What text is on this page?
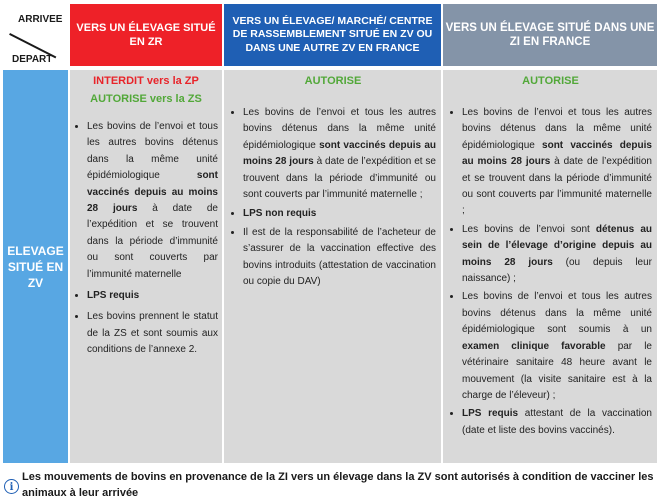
ARRIVEE
DEPART
VERS UN ÉLEVAGE SITUÉ EN ZR
VERS UN ÉLEVAGE/ MARCHÉ/ CENTRE DE RASSEMBLEMENT SITUÉ EN ZV OU DANS UNE AUTRE ZV EN FRANCE
VERS UN ÉLEVAGE SITUÉ DANS UNE ZI EN FRANCE
ELEVAGE SITUÉ EN ZV
INTERDIT vers la ZP
AUTORISE vers la ZS
• Les bovins de l’envoi et tous les autres bovins détenus dans la même unité épidémiologique sont vaccinés depuis au moins 28 jours à date de l’expédition et se trouvent dans la période d’immunité ou sont couverts par l’immunité maternelle
• LPS requis
• Les bovins prennent le statut de la ZS et sont soumis aux conditions de l’annexe 2.
AUTORISE
• Les bovins de l’envoi et tous les autres bovins détenus dans la même unité épidémiologique sont vaccinés depuis au moins 28 jours à date de l’expédition et se trouvent dans la période d’immunité ou sont couverts par l’immunité maternelle ;
• LPS non requis
• Il est de la responsabilité de l’acheteur de s’assurer de la vaccination effective des bovins introduits (attestation de vaccination ou copie du DAV)
AUTORISE
• Les bovins de l’envoi et tous les autres bovins détenus dans la même unité épidémiologique sont vaccinés depuis au moins 28 jours à date de l’expédition et se trouvent dans la période d’immunité ou sont couverts par l’immunité maternelle ;
• Les bovins de l’envoi sont détenus au sein de l’élevage d’origine depuis au moins 28 jours (ou depuis leur naissance) ;
• Les bovins de l’envoi et tous les autres bovins détenus dans la même unité épidémiologique sont soumis à un examen clinique favorable par le vétérinaire sanitaire 48 heure avant le mouvement (la visite sanitaire est à la charge de l’éleveur) ;
• LPS requis attestant de la vaccination (date et liste des bovins vaccinés).
i
Les mouvements de bovins en provenance de la ZI vers un élevage dans la ZV sont autorisés à condition de vacciner les animaux à leur arrivée
